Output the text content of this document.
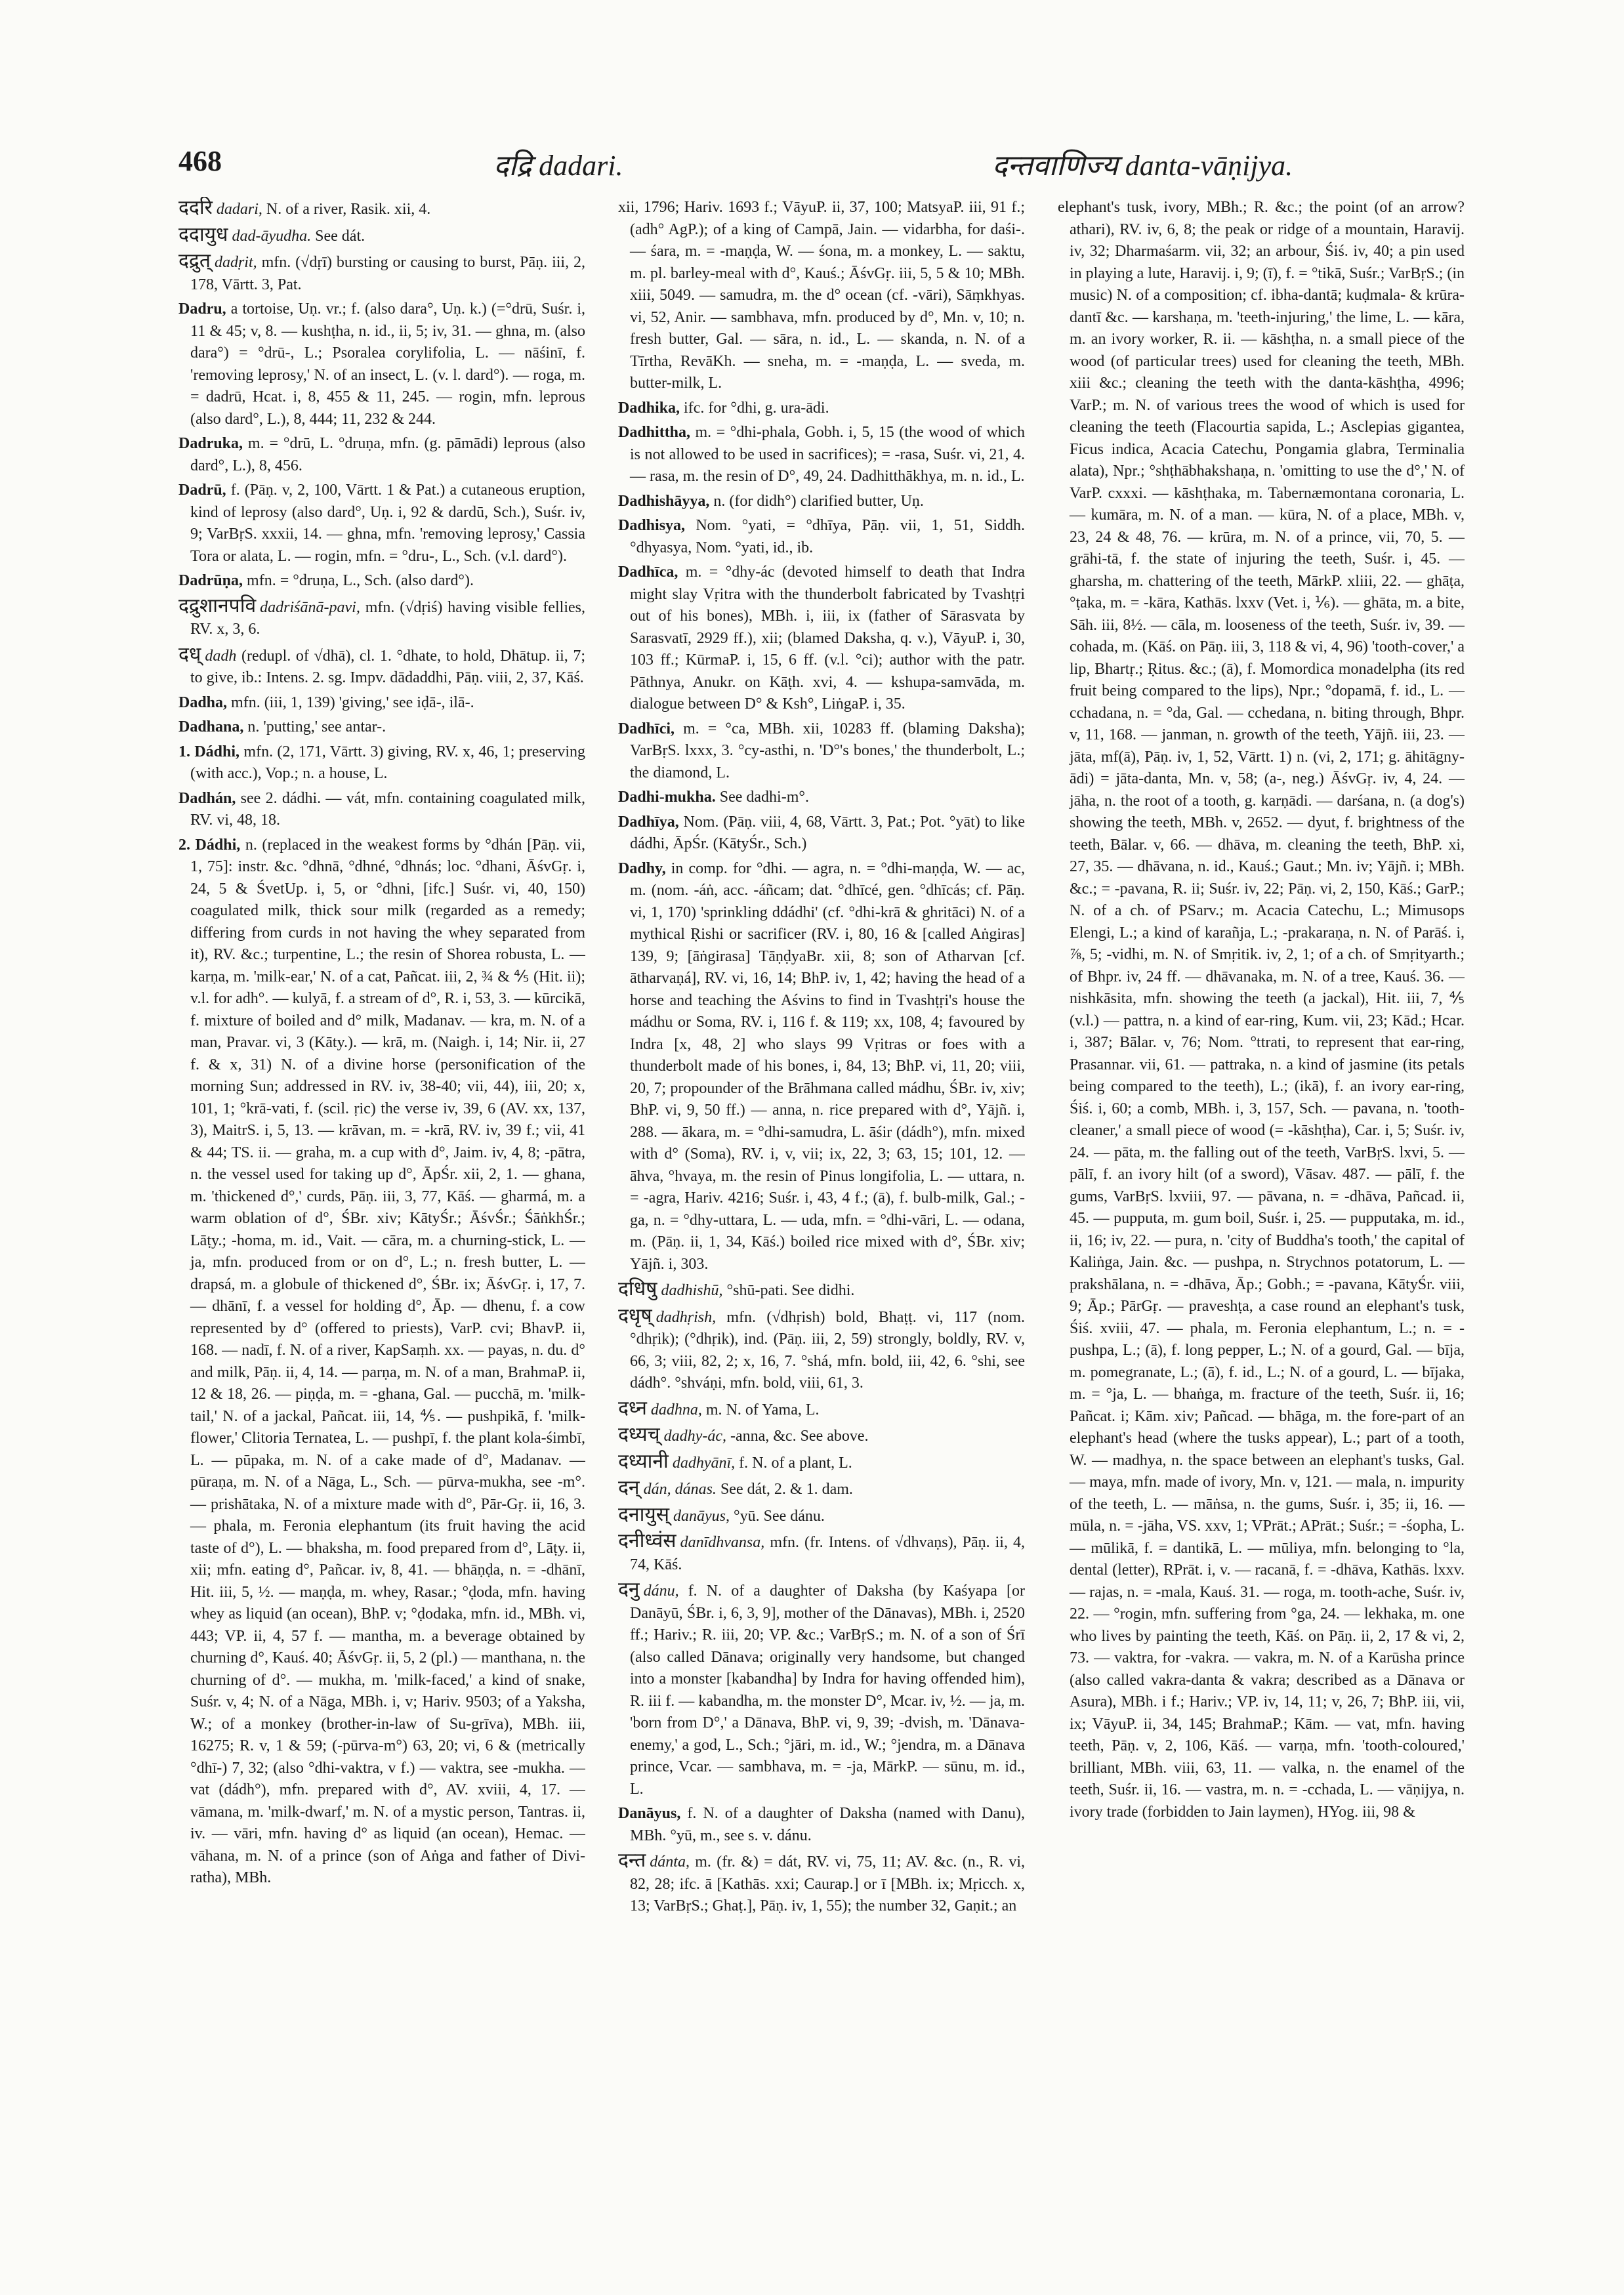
468	दद्रि dadari.	दन्तवाणिज्य danta-vāṇijya.

ददरि dadari, N. of a river, Rasik. xii, 4.

ददायुध dad-āyudha. See dát.

दद्रुत् dadṛit, mfn. (√dṛī) bursting or causing to burst, Pāṇ. iii, 2, 178, Vārtt. 3, Pat.

Dadru, a tortoise, Uṇ. vr.; f. (also dara°, Uṇ. k.) (=°drū, Suśr. i, 11 & 45; v, 8. — kushṭha, n. id., ii, 5; iv, 31. — ghna, m. (also dara°) = °drū-, L.; Psoralea corylifolia, L. — nāśinī, f. 'removing leprosy,' N. of an insect, L. (v. l. dard°). — roga, m. = dadrū, Hcat. i, 8, 455 & 11, 245. — rogin, mfn. leprous (also dard°, L.), 8, 444; 11, 232 & 244.

Dadruka, m. = °drū, L. °druṇa, mfn. (g. pāmādi) leprous (also dard°, L.), 8, 456.

Dadrū, f. (Pāṇ. v, 2, 100, Vārtt. 1 & Pat.) a cutaneous eruption, kind of leprosy (also dard°, Uṇ. i, 92 & dardū, Sch.), Suśr. iv, 9; VarBṛS. xxxii, 14. — ghna, mfn. 'removing leprosy,' Cassia Tora or alata, L. — rogin, mfn. = °dru-, L., Sch. (v.l. dard°).

Dadrūṇa, mfn. = °druṇa, L., Sch. (also dard°).

दद्रुशानपवि dadriśānā-pavi, mfn. (√dṛiś) having visible fellies, RV. x, 3, 6.

दध् dadh (redupl. of √dhā), cl. 1. °dhate, to hold, Dhātup. ii, 7; to give, ib.: Intens. 2. sg. Impv. dādaddhi, Pāṇ. viii, 2, 37, Kāś.

Dadha, mfn. (iii, 1, 139) 'giving,' see iḍā-, ilā-.

Dadhana, n. 'putting,' see antar-.

1. Dádhi, mfn. (2, 171, Vārtt. 3) giving, RV. x, 46, 1; preserving (with acc.), Vop.; n. a house, L.

Dadhán, see 2. dádhi. — vát, mfn. containing coagulated milk, RV. vi, 48, 18.

2. Dádhi, n. (replaced in the weakest forms by °dhán [Pāṇ. vii, 1, 75]: instr. &c. °dhnā, °dhné, °dhnás; loc. °dhani, ĀśvGṛ. i, 24, 5 & ŚvetUp. i, 5, or °dhni, [ifc.] Suśr. vi, 40, 150) coagulated milk, thick sour milk (regarded as a remedy; differing from curds in not having the whey separated from it), RV. &c.; turpentine, L.; the resin of Shorea robusta, L. — karṇa, m. 'milk-ear,' N. of a cat, Pañcat. iii, 2, ¾ & ⅘ (Hit. ii); v.l. for adh°. — kulyā, f. a stream of d°, R. i, 53, 3. — kūrcikā, f. mixture of boiled and d° milk, Madanav. — kra, m. N. of a man, Pravar. vi, 3 (Kāty.). — krā, m. (Naigh. i, 14; Nir. ii, 27 f. & x, 31) N. of a divine horse (personification of the morning Sun; addressed in RV. iv, 38-40; vii, 44), iii, 20; x, 101, 1; °krā-vati, f. (scil. ṛic) the verse iv, 39, 6 (AV. xx, 137, 3), MaitrS. i, 5, 13. — krāvan, m. = -krā, RV. iv, 39 f.; vii, 41 & 44; TS. ii. — graha, m. a cup with d°, Jaim. iv, 4, 8; -pātra, n. the vessel used for taking up d°, ĀpŚr. xii, 2, 1. — ghana, m. 'thickened d°,' curds, Pāṇ. iii, 3, 77, Kāś. — gharmá, m. a warm oblation of d°, ŚBr. xiv; KātyŚr.; ĀśvŚr.; ŚāṅkhŚr.; Lāṭy.; -homa, m. id., Vait. — cāra, m. a churning-stick, L. — ja, mfn. produced from or on d°, L.; n. fresh butter, L. — drapsá, m. a globule of thickened d°, ŚBr. ix; ĀśvGṛ. i, 17, 7. — dhānī, f. a vessel for holding d°, Āp. — dhenu, f. a cow represented by d° (offered to priests), VarP. cvi; BhavP. ii, 168. — nadī, f. N. of a river, KapSaṃh. xx. — payas, n. du. d° and milk, Pāṇ. ii, 4, 14. — parṇa, m. N. of a man, BrahmaP. ii, 12 & 18, 26. — piṇḍa, m. = -ghana, Gal. — pucchā, m. 'milk-tail,' N. of a jackal, Pañcat. iii, 14, ⅘. — pushpikā, f. 'milk-flower,' Clitoria Ternatea, L. — pushpī, f. the plant kola-śimbī, L. — pūpaka, m. N. of a cake made of d°, Madanav. — pūraṇa, m. N. of a Nāga, L., Sch. — pūrva-mukha, see -m°. — prishātaka, N. of a mixture made with d°, Pār-Gṛ. ii, 16, 3. — phala, m. Feronia elephantum (its fruit having the acid taste of d°), L. — bhaksha, m. food prepared from d°, Lāṭy. ii, xii; mfn. eating d°, Pañcar. iv, 8, 41. — bhāṇḍa, n. = -dhānī, Hit. iii, 5, ½. — maṇḍa, m. whey, Rasar.; °ḍoda, mfn. having whey as liquid (an ocean), BhP. v; °ḍodaka, mfn. id., MBh. vi, 443; VP. ii, 4, 57 f. — mantha, m. a beverage obtained by churning d°, Kauś. 40; ĀśvGṛ. ii, 5, 2 (pl.) — manthana, n. the churning of d°. — mukha, m. 'milk-faced,' a kind of snake, Suśr. v, 4; N. of a Nāga, MBh. i, v; Hariv. 9503; of a Yaksha, W.; of a monkey (brother-in-law of Su-grīva), MBh. iii, 16275; R. v, 1 & 59; (-pūrva-m°) 63, 20; vi, 6 & (metrically °dhī-) 7, 32; (also °dhi-vaktra, v f.) — vaktra, see -mukha. — vat (dádh°), mfn. prepared with d°, AV. xviii, 4, 17. — vāmana, m. 'milk-dwarf,' m. N. of a mystic person, Tantras. ii, iv. — vāri, mfn. having d° as liquid (an ocean), Hemac. — vāhana, m. N. of a prince (son of Aṅga and father of Divi-ratha), MBh.

xii, 1796; Hariv. 1693 f.; VāyuP. ii, 37, 100; MatsyaP. iii, 91 f.; (adh° AgP.); of a king of Campā, Jain. — vidarbha, for daśi-. — śara, m. = -maṇḍa, W. — śona, m. a monkey, L. — saktu, m. pl. barley-meal with d°, Kauś.; ĀśvGṛ. iii, 5, 5 & 10; MBh. xiii, 5049. — samudra, m. the d° ocean (cf. -vāri), Sāṃkhyas. vi, 52, Anir. — sambhava, mfn. produced by d°, Mn. v, 10; n. fresh butter, Gal. — sāra, n. id., L. — skanda, n. N. of a Tīrtha, RevāKh. — sneha, m. = -maṇḍa, L. — sveda, m. butter-milk, L.

Dadhika, ifc. for °dhi, g. ura-ādi.

Dadhittha, m. = °dhi-phala, Gobh. i, 5, 15 (the wood of which is not allowed to be used in sacrifices); = -rasa, Suśr. vi, 21, 4. — rasa, m. the resin of D°, 49, 24. Dadhitthākhya, m. n. id., L.

Dadhishāyya, n. (for didh°) clarified butter, Uṇ.

Dadhisya, Nom. °yati, = °dhīya, Pāṇ. vii, 1, 51, Siddh. °dhyasya, Nom. °yati, id., ib.

Dadhīca, m. = °dhy-ác (devoted himself to death that Indra might slay Vṛitra with the thunderbolt fabricated by Tvashṭṛi out of his bones), MBh. i, iii, ix (father of Sārasvata by Sarasvatī, 2929 ff.), xii; (blamed Daksha, q. v.), VāyuP. i, 30, 103 ff.; KūrmaP. i, 15, 6 ff. (v.l. °ci); author with the patr. Pāthnya, Anukr. on Kāṭh. xvi, 4. — kshupa-samvāda, m. dialogue between D° & Ksh°, LiṅgaP. i, 35.

Dadhīci, m. = °ca, MBh. xii, 10283 ff. (blaming Daksha); VarBṛS. lxxx, 3. °cy-asthi, n. 'D°'s bones,' the thunderbolt, L.; the diamond, L.

Dadhi-mukha. See dadhi-m°.

Dadhīya, Nom. (Pāṇ. viii, 4, 68, Vārtt. 3, Pat.; Pot. °yāt) to like dádhi, ĀpŚr. (KātyŚr., Sch.)

Dadhy, in comp. for °dhi. — agra, n. = °dhi-maṇḍa, W. — ac, m. (nom. -áṅ, acc. -áñcam; dat. °dhīcé, gen. °dhīcás; cf. Pāṇ. vi, 1, 170) 'sprinkling ddádhi' (cf. °dhi-krā & ghritāci) N. of a mythical Ṛishi or sacrificer (RV. i, 80, 16 & [called Aṅgiras] 139, 9; [āṅgirasa] TāṇḍyaBr. xii, 8; son of Atharvan [cf. ātharvaṇá], RV. vi, 16, 14; BhP. iv, 1, 42; having the head of a horse and teaching the Aśvins to find in Tvashṭṛi's house the mádhu or Soma, RV. i, 116 f. & 119; xx, 108, 4; favoured by Indra [x, 48, 2] who slays 99 Vṛitras or foes with a thunderbolt made of his bones, i, 84, 13; BhP. vi, 11, 20; viii, 20, 7; propounder of the Brāhmana called mádhu, ŚBr. iv, xiv; BhP. vi, 9, 50 ff.) — anna, n. rice prepared with d°, Yājñ. i, 288. — ākara, m. = °dhi-samudra, L. āśir (dádh°), mfn. mixed with d° (Soma), RV. i, v, vii; ix, 22, 3; 63, 15; 101, 12. — āhva, °hvaya, m. the resin of Pinus longifolia, L. — uttara, n. = -agra, Hariv. 4216; Suśr. i, 43, 4 f.; (ā), f. bulb-milk, Gal.; -ga, n. = °dhy-uttara, L. — uda, mfn. = °dhi-vāri, L. — odana, m. (Pāṇ. ii, 1, 34, Kāś.) boiled rice mixed with d°, ŚBr. xiv; Yājñ. i, 303.

दधिषु dadhishū, °shū-pati. See didhi.

दधृष् dadhṛish, mfn. (√dhṛish) bold, Bhaṭṭ. vi, 117 (nom. °dhṛik); (°dhṛik), ind. (Pāṇ. iii, 2, 59) strongly, boldly, RV. v, 66, 3; viii, 82, 2; x, 16, 7. °shá, mfn. bold, iii, 42, 6. °shi, see dádh°. °shváṇi, mfn. bold, viii, 61, 3.

दध्न dadhna, m. N. of Yama, L.

दध्यच् dadhy-ác, -anna, &c. See above.

दध्यानी dadhyānī, f. N. of a plant, L.

दन् dán, dánas. See dát, 2. & 1. dam.

दनायुस् danāyus, °yū. See dánu.

दनीध्वंस danīdhvansa, mfn. (fr. Intens. of √dhvaṇs), Pāṇ. ii, 4, 74, Kāś.

दनु dánu, f. N. of a daughter of Daksha (by Kaśyapa [or Danāyū, ŚBr. i, 6, 3, 9], mother of the Dānavas), MBh. i, 2520 ff.; Hariv.; R. iii, 20; VP. &c.; VarBṛS.; m. N. of a son of Śrī (also called Dānava; originally very handsome, but changed into a monster [kabandha] by Indra for having offended him), R. iii f. — kabandha, m. the monster D°, Mcar. iv, ½. — ja, m. 'born from D°,' a Dānava, BhP. vi, 9, 39; -dvish, m. 'Dānava-enemy,' a god, L., Sch.; °jāri, m. id., W.; °jendra, m. a Dānava prince, Vcar. — sambhava, m. = -ja, MārkP. — sūnu, m. id., L.

Danāyus, f. N. of a daughter of Daksha (named with Danu), MBh. °yū, m., see s. v. dánu.

दन्त dánta, m. (fr. &) = dát, RV. vi, 75, 11; AV. &c. (n., R. vi, 82, 28; ifc. ā [Kathās. xxi; Caurap.] or ī [MBh. ix; Mṛicch. x, 13; VarBṛS.; Ghaṭ.], Pāṇ. iv, 1, 55); the number 32, Gaṇit.; an

elephant's tusk, ivory, MBh.; R. &c.; the point (of an arrow? athari), RV. iv, 6, 8; the peak or ridge of a mountain, Haravij. iv, 32; Dharmaśarm. vii, 32; an arbour, Śiś. iv, 40; a pin used in playing a lute, Haravij. i, 9; (ī), f. = °tikā, Suśr.; VarBṛS.; (in music) N. of a composition; cf. ibha-dantā; kuḍmala- & krūra-dantī &c. — karshaṇa, m. 'teeth-injuring,' the lime, L. — kāra, m. an ivory worker, R. ii. — kāshṭha, n. a small piece of the wood (of particular trees) used for cleaning the teeth, MBh. xiii &c.; cleaning the teeth with the danta-kāshṭha, 4996; VarP.; m. N. of various trees the wood of which is used for cleaning the teeth (Flacourtia sapida, L.; Asclepias gigantea, Ficus indica, Acacia Catechu, Pongamia glabra, Terminalia alata), Npr.; °shṭhābhakshaṇa, n. 'omitting to use the d°,' N. of VarP. cxxxi. — kāshṭhaka, m. Tabernæmontana coronaria, L. — kumāra, m. N. of a man. — kūra, N. of a place, MBh. v, 23, 24 & 48, 76. — krūra, m. N. of a prince, vii, 70, 5. — grāhi-tā, f. the state of injuring the teeth, Suśr. i, 45. — gharsha, m. chattering of the teeth, MārkP. xliii, 22. — ghāṭa, °ṭaka, m. = -kāra, Kathās. lxxv (Vet. i, ⅙). — ghāta, m. a bite, Sāh. iii, 8½. — cāla, m. looseness of the teeth, Suśr. iv, 39. — cohada, m. (Kāś. on Pāṇ. iii, 3, 118 & vi, 4, 96) 'tooth-cover,' a lip, Bhartṛ.; Ṛitus. &c.; (ā), f. Momordica monadelpha (its red fruit being compared to the lips), Npr.; °dopamā, f. id., L. — cchadana, n. = °da, Gal. — cchedana, n. biting through, Bhpr. v, 11, 168. — janman, n. growth of the teeth, Yājñ. iii, 23. — jāta, mf(ā), Pāṇ. iv, 1, 52, Vārtt. 1) n. (vi, 2, 171; g. āhitāgny-ādi) = jāta-danta, Mn. v, 58; (a-, neg.) ĀśvGṛ. iv, 4, 24. — jāha, n. the root of a tooth, g. karṇādi. — darśana, n. (a dog's) showing the teeth, MBh. v, 2652. — dyut, f. brightness of the teeth, Bālar. v, 66. — dhāva, m. cleaning the teeth, BhP. xi, 27, 35. — dhāvana, n. id., Kauś.; Gaut.; Mn. iv; Yājñ. i; MBh. &c.; = -pavana, R. ii; Suśr. iv, 22; Pāṇ. vi, 2, 150, Kāś.; GarP.; N. of a ch. of PSarv.; m. Acacia Catechu, L.; Mimusops Elengi, L.; a kind of karañja, L.; -prakaraṇa, n. N. of Parāś. i, ⅞, 5; -vidhi, m. N. of Smṛitik. iv, 2, 1; of a ch. of Smṛityarth.; of Bhpr. iv, 24 ff. — dhāvanaka, m. N. of a tree, Kauś. 36. — nishkāsita, mfn. showing the teeth (a jackal), Hit. iii, 7, ⅘ (v.l.) — pattra, n. a kind of ear-ring, Kum. vii, 23; Kād.; Hcar. i, 387; Bālar. v, 76; Nom. °ttrati, to represent that ear-ring, Prasannar. vii, 61. — pattraka, n. a kind of jasmine (its petals being compared to the teeth), L.; (ikā), f. an ivory ear-ring, Śiś. i, 60; a comb, MBh. i, 3, 157, Sch. — pavana, n. 'tooth-cleaner,' a small piece of wood (= -kāshṭha), Car. i, 5; Suśr. iv, 24. — pāta, m. the falling out of the teeth, VarBṛS. lxvi, 5. — pālī, f. an ivory hilt (of a sword), Vāsav. 487. — pālī, f. the gums, VarBṛS. lxviii, 97. — pāvana, n. = -dhāva, Pañcad. ii, 45. — pupputa, m. gum boil, Suśr. i, 25. — pupputaka, m. id., ii, 16; iv, 22. — pura, n. 'city of Buddha's tooth,' the capital of Kaliṅga, Jain. &c. — pushpa, n. Strychnos potatorum, L. — prakshālana, n. = -dhāva, Āp.; Gobh.; = -pavana, KātyŚr. viii, 9; Āp.; PārGṛ. — praveshṭa, a case round an elephant's tusk, Śiś. xviii, 47. — phala, m. Feronia elephantum, L.; n. = -pushpa, L.; (ā), f. long pepper, L.; N. of a gourd, Gal. — bīja, m. pomegranate, L.; (ā), f. id., L.; N. of a gourd, L. — bījaka, m. = °ja, L. — bhaṅga, m. fracture of the teeth, Suśr. ii, 16; Pañcat. i; Kām. xiv; Pañcad. — bhāga, m. the fore-part of an elephant's head (where the tusks appear), L.; part of a tooth, W. — madhya, n. the space between an elephant's tusks, Gal. — maya, mfn. made of ivory, Mn. v, 121. — mala, n. impurity of the teeth, L. — māṅsa, n. the gums, Suśr. i, 35; ii, 16. — mūla, n. = -jāha, VS. xxv, 1; VPrāt.; APrāt.; Suśr.; = -śopha, L. — mūlikā, f. = dantikā, L. — mūliya, mfn. belonging to °la, dental (letter), RPrāt. i, v. — racanā, f. = -dhāva, Kathās. lxxv. — rajas, n. = -mala, Kauś. 31. — roga, m. tooth-ache, Suśr. iv, 22. — °rogin, mfn. suffering from °ga, 24. — lekhaka, m. one who lives by painting the teeth, Kāś. on Pāṇ. ii, 2, 17 & vi, 2, 73. — vaktra, for -vakra. — vakra, m. N. of a Karūsha prince (also called vakra-danta & vakra; described as a Dānava or Asura), MBh. i f.; Hariv.; VP. iv, 14, 11; v, 26, 7; BhP. iii, vii, ix; VāyuP. ii, 34, 145; BrahmaP.; Kām. — vat, mfn. having teeth, Pāṇ. v, 2, 106, Kāś. — varṇa, mfn. 'tooth-coloured,' brilliant, MBh. viii, 63, 11. — valka, n. the enamel of the teeth, Suśr. ii, 16. — vastra, m. n. = -cchada, L. — vāṇijya, n. ivory trade (forbidden to Jain laymen), HYog. iii, 98 &
